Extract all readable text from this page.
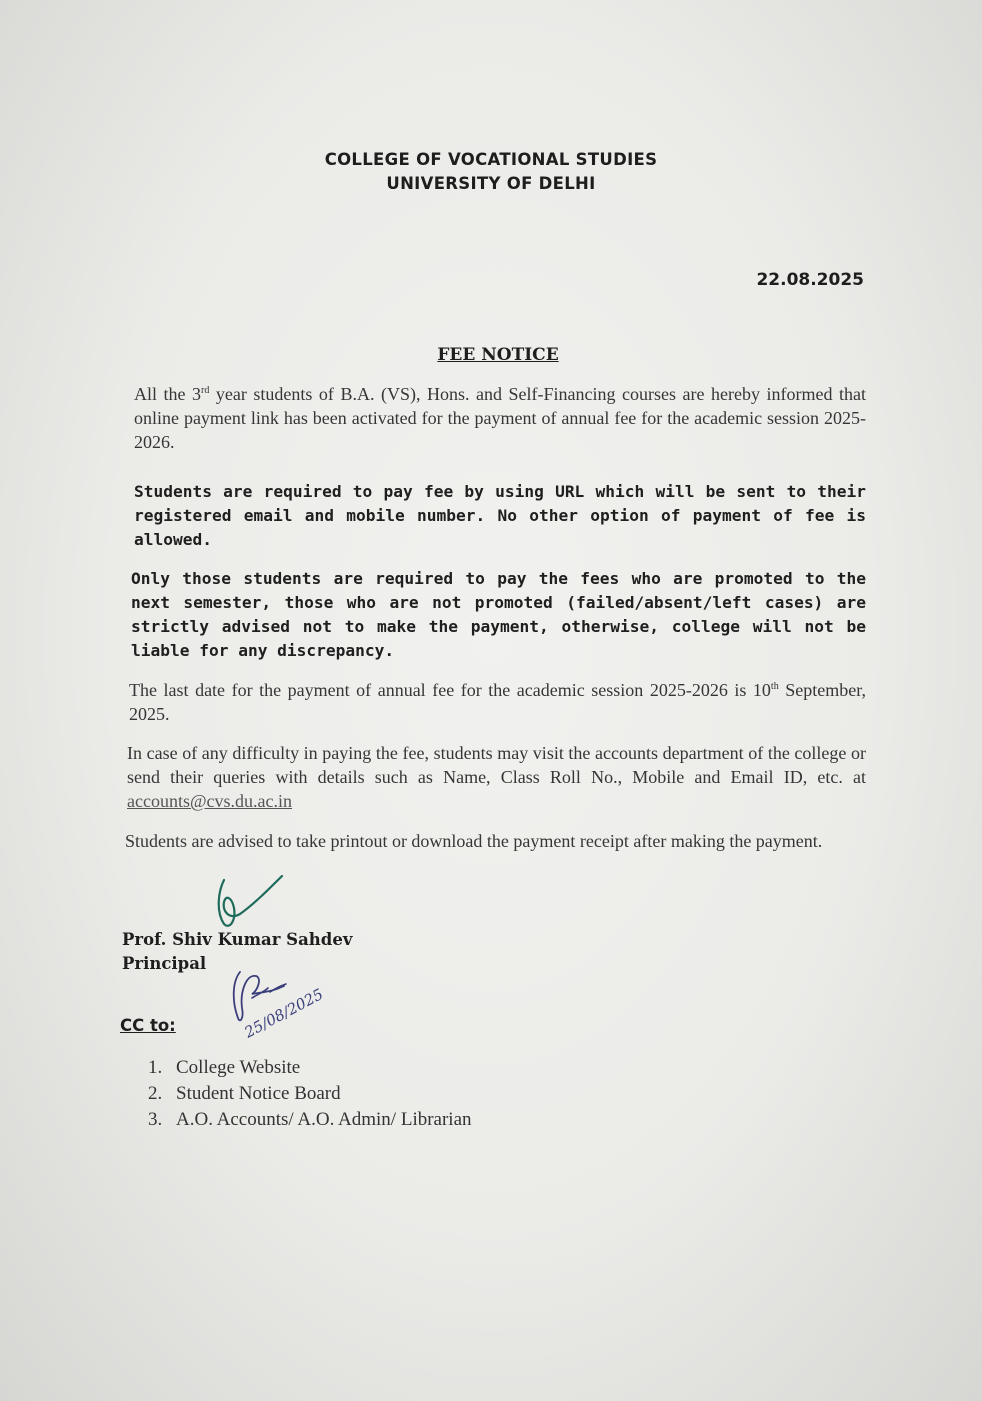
COLLEGE OF VOCATIONAL STUDIES
UNIVERSITY OF DELHI
22.08.2025
FEE NOTICE
All the 3rd year students of B.A. (VS), Hons. and Self-Financing courses are hereby informed that online payment link has been activated for the payment of annual fee for the academic session 2025-2026.
Students are required to pay fee by using URL which will be sent to their registered email and mobile number. No other option of payment of fee is allowed.
Only those students are required to pay the fees who are promoted to the next semester, those who are not promoted (failed/absent/left cases) are strictly advised not to make the payment, otherwise, college will not be liable for any discrepancy.
The last date for the payment of annual fee for the academic session 2025-2026 is 10th September, 2025.
In case of any difficulty in paying the fee, students may visit the accounts department of the college or send their queries with details such as Name, Class Roll No., Mobile and Email ID, etc. at accounts@cvs.du.ac.in
Students are advised to take printout or download the payment receipt after making the payment.
Prof. Shiv Kumar Sahdev
Principal
25/08/2025
CC to:
1. College Website
2. Student Notice Board
3. A.O. Accounts/ A.O. Admin/ Librarian
